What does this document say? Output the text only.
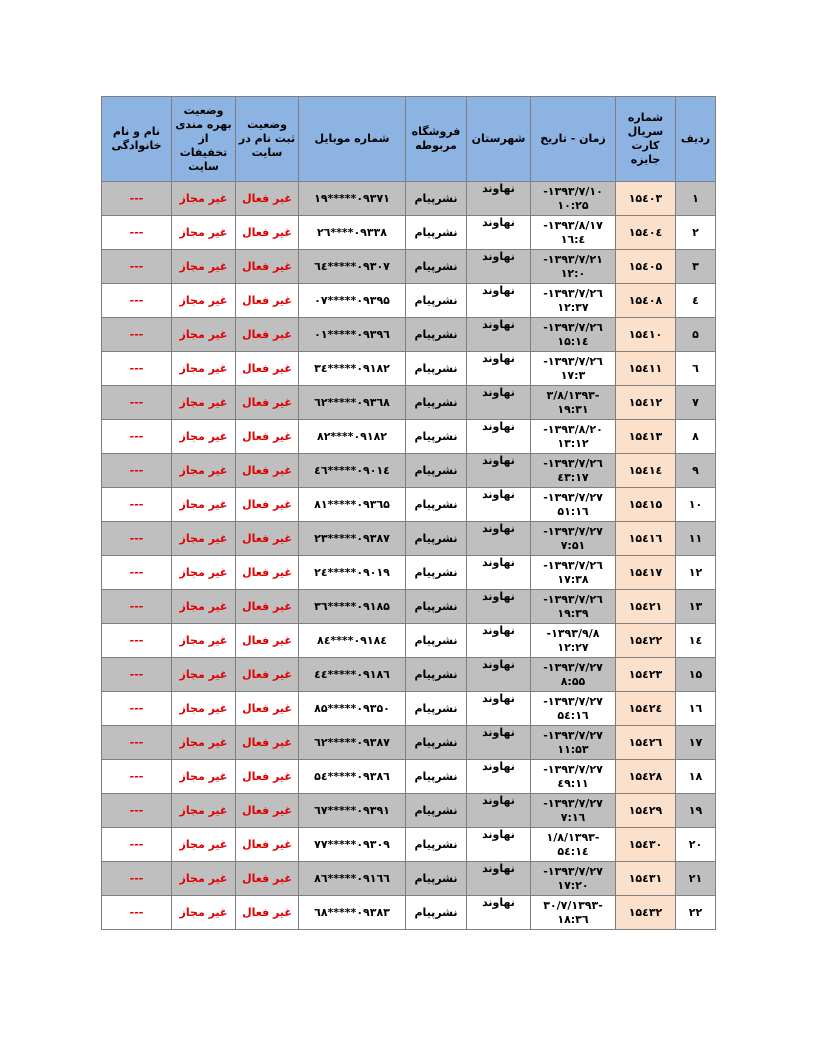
ردیف	شماره سریال کارت جایزه	زمان - تاریخ	شهرستان	فروشگاه مربوطه	شماره موبایل	وضعیت ثبت نام در سایت	وضعیت بهره مندی از تخفیفات سایت	نام و نام خانوادگی
۱	۱۵٤۰۳	۱۳۹۳/۷/۱۰- ۱۰:۲۵	نهاوند	نشرپیام	۰۹۳۷۱*****۱۹	غیر فعال	غیر مجاز	---
۲	۱۵٤۰٤	۱۳۹۳/۸/۱۷- ۱٦:٤	نهاوند	نشرپیام	۰۹۳۳۸****۲٦	غیر فعال	غیر مجاز	---
۳	۱۵٤۰۵	۱۳۹۳/۷/۲۱- ۱۲:۰	نهاوند	نشرپیام	۰۹۳۰۷*****٦٤	غیر فعال	غیر مجاز	---
٤	۱۵٤۰۸	۱۳۹۳/۷/۲٦- ۱۲:۳۷	نهاوند	نشرپیام	۰۹۳۹۵*****۰۷	غیر فعال	غیر مجاز	---
۵	۱۵٤۱۰	۱۳۹۳/۷/۲٦- ۱۵:۱٤	نهاوند	نشرپیام	۰۹۳۹٦*****۰۱	غیر فعال	غیر مجاز	---
٦	۱۵٤۱۱	۱۳۹۳/۷/۲٦- ۱۷:۳	نهاوند	نشرپیام	۰۹۱۸۲*****۳٤	غیر فعال	غیر مجاز	---
۷	۱۵٤۱۲	-۳/۸/۱۳۹۳ ۱۹:۳۱	نهاوند	نشرپیام	۰۹۳٦۸*****٦۲	غیر فعال	غیر مجاز	---
۸	۱۵٤۱۳	۱۳۹۳/۸/۲۰- ۱۳:۱۲	نهاوند	نشرپیام	۰۹۱۸۲****۸۲	غیر فعال	غیر مجاز	---
۹	۱۵٤۱٤	۱۳۹۳/۷/۲٦- ۱۷:٤۳	نهاوند	نشرپیام	۰۹۰۱٤*****٤٦	غیر فعال	غیر مجاز	---
۱۰	۱۵٤۱۵	۱۳۹۳/۷/۲۷- ۱٦:۵۱	نهاوند	نشرپیام	۰۹۳٦۵*****۸۱	غیر فعال	غیر مجاز	---
۱۱	۱۵٤۱٦	۱۳۹۳/۷/۲۷- ۷:۵۱	نهاوند	نشرپیام	۰۹۳۸۷*****۲۳	غیر فعال	غیر مجاز	---
۱۲	۱۵٤۱۷	۱۳۹۳/۷/۲٦- ۱۷:۳۸	نهاوند	نشرپیام	۰۹۰۱۹*****۲٤	غیر فعال	غیر مجاز	---
۱۳	۱۵٤۲۱	۱۳۹۳/۷/۲٦- ۱۹:۳۹	نهاوند	نشرپیام	۰۹۱۸۵*****۳٦	غیر فعال	غیر مجاز	---
۱٤	۱۵٤۲۲	۱۳۹۳/۹/۸- ۱۲:۲۷	نهاوند	نشرپیام	۰۹۱۸٤****۸٤	غیر فعال	غیر مجاز	---
۱۵	۱۵٤۲۳	۱۳۹۳/۷/۲۷- ۸:۵۵	نهاوند	نشرپیام	۰۹۱۸٦*****٤٤	غیر فعال	غیر مجاز	---
۱٦	۱۵٤۲٤	۱۳۹۳/۷/۲۷- ۱٦:۵٤	نهاوند	نشرپیام	۰۹۳۵۰*****۸۵	غیر فعال	غیر مجاز	---
۱۷	۱۵٤۲٦	۱۳۹۳/۷/۲۷- ۱۱:۵۳	نهاوند	نشرپیام	۰۹۳۸۷*****٦۲	غیر فعال	غیر مجاز	---
۱۸	۱۵٤۲۸	۱۳۹۳/۷/۲۷- ۱۱:٤۹	نهاوند	نشرپیام	۰۹۳۸٦*****۵٤	غیر فعال	غیر مجاز	---
۱۹	۱۵٤۲۹	۱۳۹۳/۷/۲۷- ۱٦:۷	نهاوند	نشرپیام	۰۹۳۹۱*****٦۷	غیر فعال	غیر مجاز	---
۲۰	۱۵٤۳۰	-۱/۸/۱۳۹۳ ۱٤:۵٤	نهاوند	نشرپیام	۰۹۳۰۹*****۷۷	غیر فعال	غیر مجاز	---
۲۱	۱۵٤۳۱	۱۳۹۳/۷/۲۷- ۱۷:۲۰	نهاوند	نشرپیام	۰۹۱٦٦*****۸٦	غیر فعال	غیر مجاز	---
۲۲	۱۵٤۳۲	-۳۰/۷/۱۳۹۳ ۱۸:۳٦	نهاوند	نشرپیام	۰۹۳۸۳*****٦۸	غیر فعال	غیر مجاز	---
